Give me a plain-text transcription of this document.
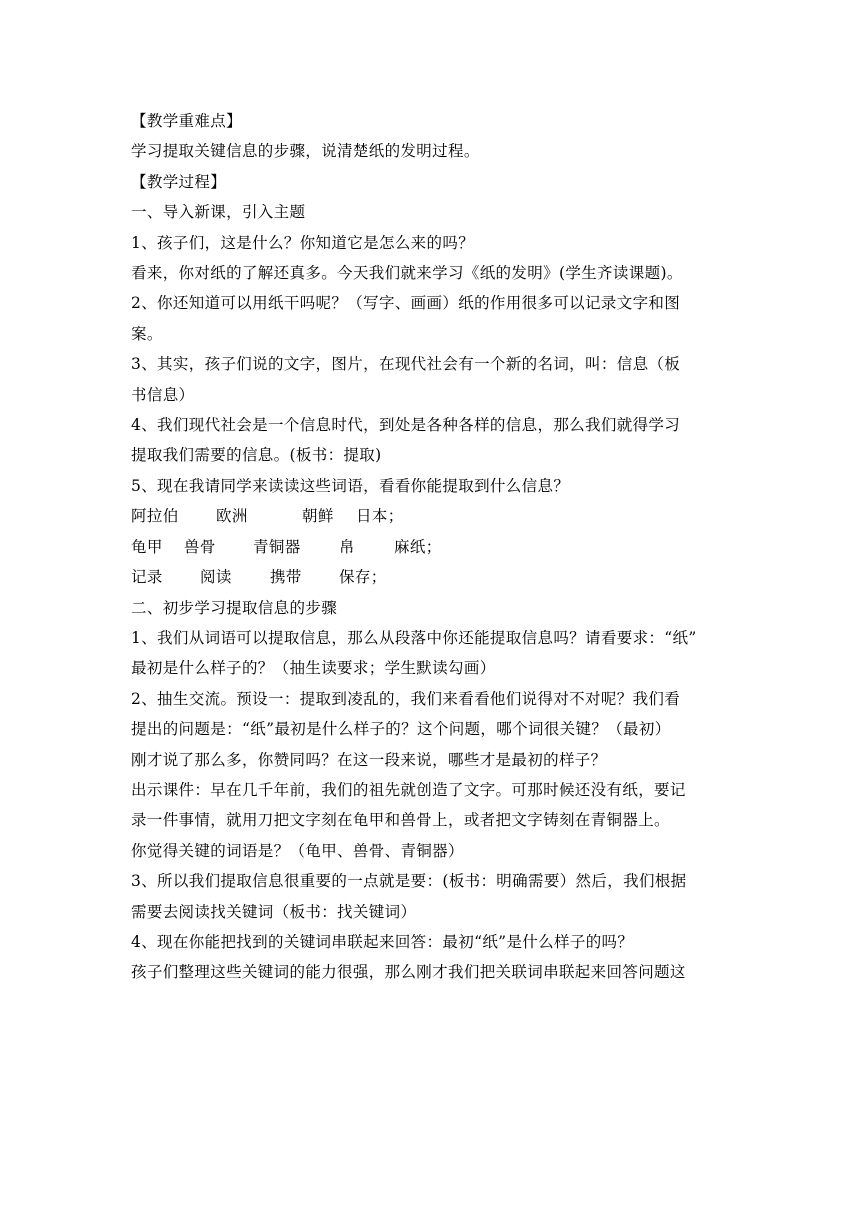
【教学重难点】
学习提取关键信息的步骤，说清楚纸的发明过程。
【教学过程】
一、导入新课，引入主题
1、孩子们，这是什么？你知道它是怎么来的吗？
看来，你对纸的了解还真多。今天我们就来学习《纸的发明》(学生齐读课题)。
2、你还知道可以用纸干吗呢？（写字、画画）纸的作用很多可以记录文字和图
案。
3、其实，孩子们说的文字，图片，在现代社会有一个新的名词，叫：信息（板
书信息）
4、我们现代社会是一个信息时代，到处是各种各样的信息，那么我们就得学习
提取我们需要的信息。(板书：提取)
5、现在我请同学来读读这些词语，看看你能提取到什么信息？
阿拉伯	欧洲	朝鲜	日本；
龟甲	兽骨	青铜器	帛	麻纸；
记录	阅读	携带	保存；
二、初步学习提取信息的步骤
1、我们从词语可以提取信息，那么从段落中你还能提取信息吗？请看要求：“纸”
最初是什么样子的？（抽生读要求；学生默读勾画）
2、抽生交流。预设一：提取到凌乱的，我们来看看他们说得对不对呢？我们看
提出的问题是：“纸”最初是什么样子的？这个问题，哪个词很关键？（最初）
刚才说了那么多，你赞同吗？在这一段来说，哪些才是最初的样子？
出示课件：早在几千年前，我们的祖先就创造了文字。可那时候还没有纸，要记
录一件事情，就用刀把文字刻在龟甲和兽骨上，或者把文字铸刻在青铜器上。
你觉得关键的词语是？（龟甲、兽骨、青铜器）
3、所以我们提取信息很重要的一点就是要：(板书：明确需要）然后，我们根据
需要去阅读找关键词（板书：找关键词）
4、现在你能把找到的关键词串联起来回答：最初“纸”是什么样子的吗？
孩子们整理这些关键词的能力很强，那么刚才我们把关联词串联起来回答问题这
